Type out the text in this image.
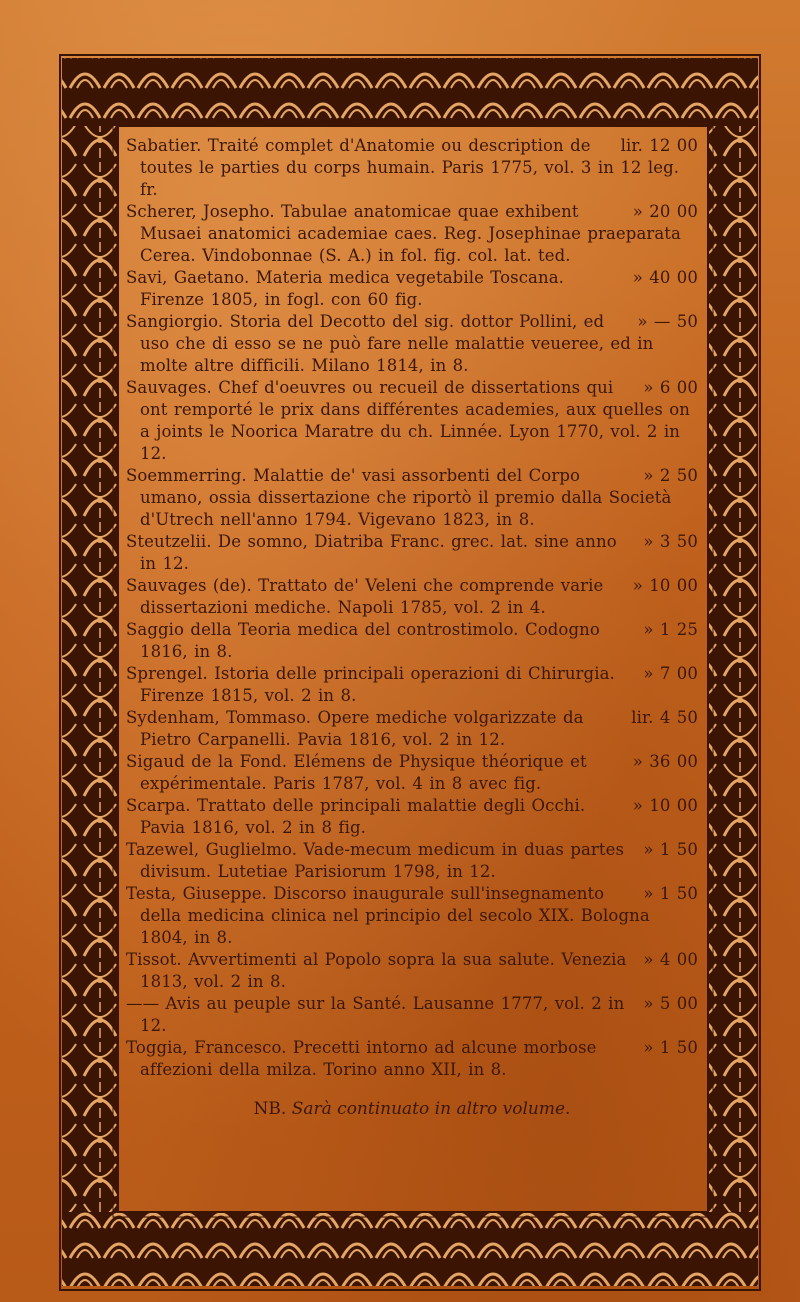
lir. 12 00
Sabatier. Traité complet d'Anatomie ou description de toutes le parties du corps humain. Paris 1775, vol. 3 in 12 leg. fr.

» 20 00
Scherer, Josepho. Tabulae anatomicae quae exhibent Musaei anatomici academiae caes. Reg. Josephinae praeparata Cerea. Vindobonnae (S. A.) in fol. fig. col. lat. ted.

» 40 00
Savi, Gaetano. Materia medica vegetabile Toscana. Firenze 1805, in fogl. con 60 fig.

» — 50
Sangiorgio. Storia del Decotto del sig. dottor Pollini, ed uso che di esso se ne può fare nelle malattie veueree, ed in molte altre difficili. Milano 1814, in 8.

» 6 00
Sauvages. Chef d'oeuvres ou recueil de dissertations qui ont remporté le prix dans différentes academies, aux quelles on a joints le Noorica Maratre du ch. Linnée. Lyon 1770, vol. 2 in 12.

» 2 50
Soemmerring. Malattie de' vasi assorbenti del Corpo umano, ossia dissertazione che riportò il premio dalla Società d'Utrech nell'anno 1794. Vigevano 1823, in 8.

» 3 50
Steutzelii. De somno, Diatriba Franc. grec. lat. sine anno in 12.

» 10 00
Sauvages (de). Trattato de' Veleni che comprende varie dissertazioni mediche. Napoli 1785, vol. 2 in 4.

» 1 25
Saggio della Teoria medica del controstimolo. Codogno 1816, in 8.

» 7 00
Sprengel. Istoria delle principali operazioni di Chirurgia. Firenze 1815, vol. 2 in 8.

lir. 4 50
Sydenham, Tommaso. Opere mediche volgarizzate da Pietro Carpanelli. Pavia 1816, vol. 2 in 12.

» 36 00
Sigaud de la Fond. Elémens de Physique théorique et expérimentale. Paris 1787, vol. 4 in 8 avec fig.

» 10 00
Scarpa. Trattato delle principali malattie degli Occhi. Pavia 1816, vol. 2 in 8 fig.

» 1 50
Tazewel, Guglielmo. Vade-mecum medicum in duas partes divisum. Lutetiae Parisiorum 1798, in 12.

» 1 50
Testa, Giuseppe. Discorso inaugurale sull'insegnamento della medicina clinica nel principio del secolo XIX. Bologna 1804, in 8.

» 4 00
Tissot. Avvertimenti al Popolo sopra la sua salute. Venezia 1813, vol. 2 in 8.

» 5 00
—— Avis au peuple sur la Santé. Lausanne 1777, vol. 2 in 12.

» 1 50
Toggia, Francesco. Precetti intorno ad alcune morbose affezioni della milza. Torino anno XII, in 8.

NB. Sarà continuato in altro volume.
